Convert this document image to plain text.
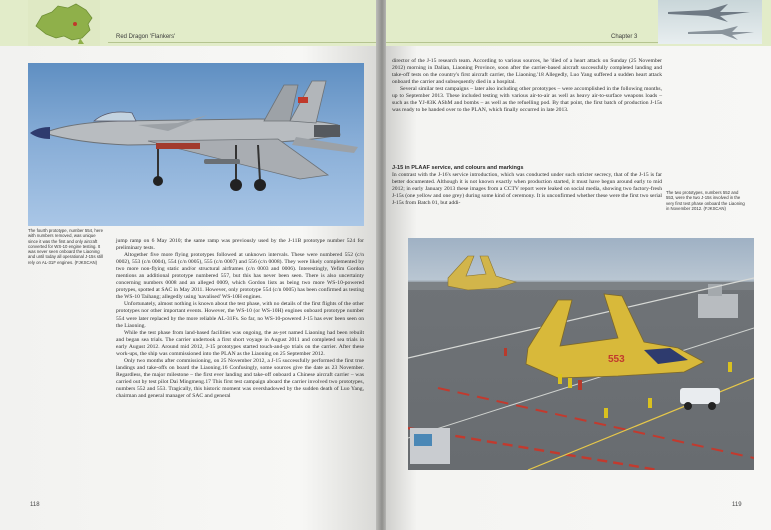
Red Dragon 'Flankers'
The fourth prototype, number 554, here with numbers removed, was unique since it was the first and only aircraft converted for WS-10 engine testing. It was never seen onboard the Liaoning and until today all operational J-15s still rely on AL-31F engines. (FJKSCAN)

jump ramp on 6 May 2010; the same ramp was previously used by the J-11B prototype number 524 for preliminary tests.

Altogether five more flying prototypes followed at unknown intervals. These were numbered 552 (c/n 0002), 553 (c/n 0004), 554 (c/n 0005), 555 (c/n 0007) and 556 (c/n 0008). They were likely complemented by two more non-flying static and/or structural airframes (c/n 0003 and 0006). Interestingly, Yefim Gordon mentions an additional prototype numbered 557, but this has never been seen. There is also uncertainty concerning numbers 0008 and an alleged 0009, which Gordon lists as being two more WS-10-powered protypes, spotted at SAC in May 2011. However, only prototype 554 (c/n 0005) has been confirmed as testing the WS-10 Taihang; allegedly using 'navalised' WS-10H engines.

Unfortunately, almost nothing is known about the test phase, with no details of the first flights of the other prototypes nor other important events. However, the WS-10 (or WS-10H) engines onboard prototype number 554 were later replaced by the more reliable AL-31Fs. So far, no WS-10-powered J-15 has ever been seen on the Liaoning.

While the test phase from land-based facilities was ongoing, the as-yet named Liaoning had been rebuilt and began sea trials. The carrier undertook a first short voyage in August 2011 and completed sea trials in early August 2012. Around mid 2012, J-15 prototypes started touch-and-go trials on the carrier. After these work-ups, the ship was commissioned into the PLAN as the Liaoning on 25 September 2012.

Only two months after commissioning, on 25 November 2012, a J-15 successfully performed the first true landings and take-offs on board the Liaoning.16 Confusingly, some sources give the date as 23 November. Regardless, the major milestone – the first ever landing and take-off onboard a Chinese aircraft carrier – was carried out by test pilot Dai Mingmeng.17 This first test campaign aboard the carrier involved two prototypes, numbers 552 and 553. Tragically, this historic moment was overshadowed by the sudden death of Luo Yang, chairman and general manager of SAC and general

118
Chapter 3

director of the J-15 research team. According to various sources, he 'died of a heart attack on Sunday (25 November 2012) morning in Dalian, Liaoning Province, soon after the carrier-based aircraft successfully completed landing and take-off tests on the country's first aircraft carrier, the Liaoning.'18 Allegedly, Luo Yang suffered a sudden heart attack onboard the carrier and subsequently died in a hospital.

Several similar test campaigns – later also including other prototypes – were accomplished in the following months, up to September 2013. These included testing with various air-to-air as well as heavy air-to-surface weapons loads – such as the YJ-83K AShM and bombs – as well as the refuelling pod. By that point, the first batch of production J-15s was ready to be handed over to the PLAN, which finally occurred in late 2013.

J-15 in PLAAF service, and colours and markings

In contrast with the J-16's service introduction, which was conducted under such stricter secrecy, that of the J-15 is far better documented. Although it is not known exactly when production started, it must have begun around early to mid 2012; in early January 2013 these images from a CCTV report were leaked on social media, showing two factory-fresh J-15s (one yellow and one grey) during some kind of ceremony. It is unconfirmed whether these were the first two serial J-15s from Batch 01, but addi-

The two prototypes, numbers 552 and 553, were the two J-15s involved in the very first test phase onboard the Liaoning in November 2012. (FJKSCAN)
553
119
